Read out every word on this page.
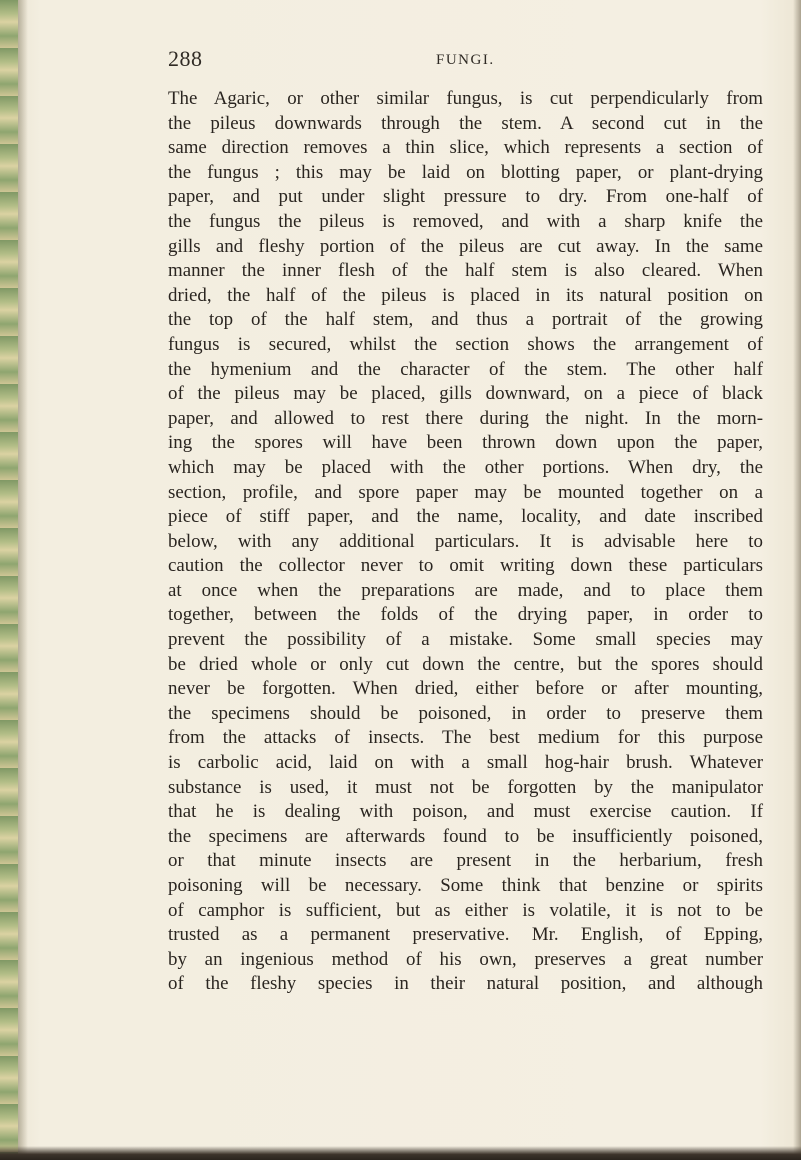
288	FUNGI.
The Agaric, or other similar fungus, is cut perpendicularly from
the pileus downwards through the stem. A second cut in the
same direction removes a thin slice, which represents a section of
the fungus ; this may be laid on blotting paper, or plant-drying
paper, and put under slight pressure to dry. From one-half of
the fungus the pileus is removed, and with a sharp knife the
gills and fleshy portion of the pileus are cut away. In the same
manner the inner flesh of the half stem is also cleared. When
dried, the half of the pileus is placed in its natural position on
the top of the half stem, and thus a portrait of the growing
fungus is secured, whilst the section shows the arrangement of
the hymenium and the character of the stem. The other half
of the pileus may be placed, gills downward, on a piece of black
paper, and allowed to rest there during the night. In the morn-
ing the spores will have been thrown down upon the paper,
which may be placed with the other portions. When dry, the
section, profile, and spore paper may be mounted together on a
piece of stiff paper, and the name, locality, and date inscribed
below, with any additional particulars. It is advisable here to
caution the collector never to omit writing down these particulars
at once when the preparations are made, and to place them
together, between the folds of the drying paper, in order to
prevent the possibility of a mistake. Some small species may
be dried whole or only cut down the centre, but the spores should
never be forgotten. When dried, either before or after mounting,
the specimens should be poisoned, in order to preserve them
from the attacks of insects. The best medium for this purpose
is carbolic acid, laid on with a small hog-hair brush. Whatever
substance is used, it must not be forgotten by the manipulator
that he is dealing with poison, and must exercise caution. If
the specimens are afterwards found to be insufficiently poisoned,
or that minute insects are present in the herbarium, fresh
poisoning will be necessary. Some think that benzine or spirits
of camphor is sufficient, but as either is volatile, it is not to be
trusted as a permanent preservative. Mr. English, of Epping,
by an ingenious method of his own, preserves a great number
of the fleshy species in their natural position, and although
